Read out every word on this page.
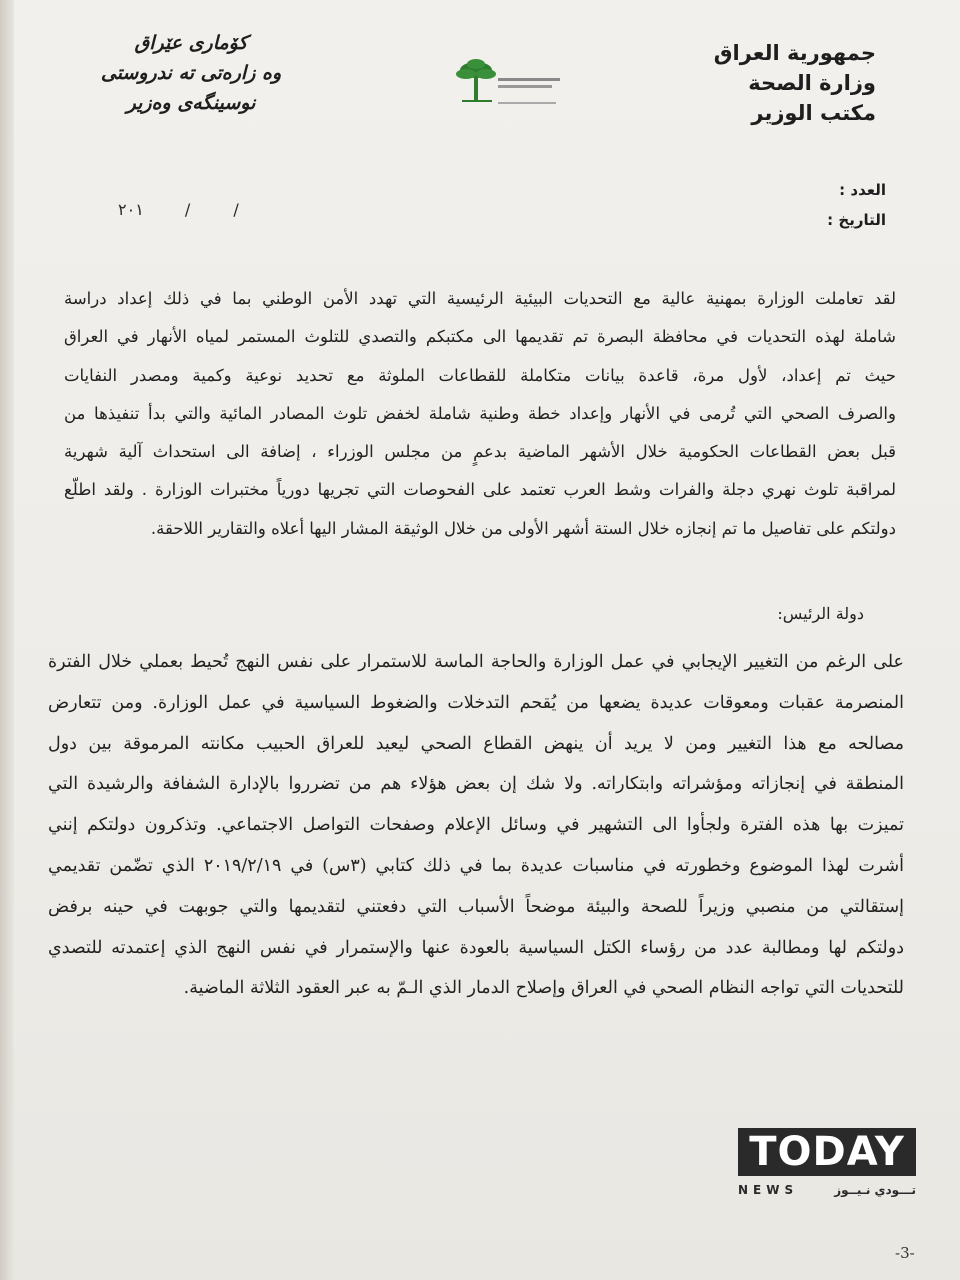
جمهورية العراق
وزارة الصحة
مكتب الوزير
كۆماری عێراق
وه زارەتی تە ندروستی
نوسینگەی وەزیر
العدد :
التاريخ :
٢٠١	/	/

لقد تعاملت الوزارة بمهنية عالية مع التحديات البيئية الرئيسية التي تهدد الأمن الوطني بما في ذلك إعداد دراسة

شاملة لهذه التحديات في محافظة البصرة تم تقديمها الى مكتبكم والتصدي للتلوث المستمر لمياه الأنهار في العراق

حيث تم إعداد، لأول مرة، قاعدة بيانات متكاملة للقطاعات الملوثة مع تحديد نوعية وكمية ومصدر النفايات

والصرف الصحي التي تُرمى في الأنهار وإعداد خطة وطنية شاملة لخفض تلوث المصادر المائية والتي بدأ تنفيذها من

قبل بعض القطاعات الحكومية خلال الأشهر الماضية بدعمٍ من مجلس الوزراء ، إضافة الى استحداث آلية شهرية

لمراقبة تلوث نهري دجلة والفرات وشط العرب تعتمد على الفحوصات التي تجريها دورياً مختبرات الوزارة . ولقد اطلّع

دولتكم على تفاصيل ما تم إنجازه خلال الستة أشهر الأولى من خلال الوثيقة المشار اليها أعلاه والتقارير اللاحقة.

دولة الرئيس:

على الرغم من التغيير الإيجابي في عمل الوزارة والحاجة الماسة للاستمرار على نفس النهج تُحيط بعملي خلال الفترة

المنصرمة عقبات ومعوقات عديدة يضعها من يُقحم التدخلات والضغوط السياسية في عمل الوزارة. ومن تتعارض

مصالحه مع هذا التغيير ومن لا يريد أن ينهض القطاع الصحي ليعيد للعراق الحبيب مكانته المرموقة بين دول

المنطقة في إنجازاته ومؤشراته وابتكاراته. ولا شك إن بعض هؤلاء هم من تضرروا بالإدارة الشفافة والرشيدة التي

تميزت بها هذه الفترة ولجأوا الى التشهير في وسائل الإعلام وصفحات التواصل الاجتماعي. وتذكرون دولتكم إنني

أشرت لهذا الموضوع وخطورته في مناسبات عديدة بما في ذلك كتابي (٣س) في ٢٠١٩/٢/١٩ الذي تضّمن تقديمي

إستقالتي من منصبي وزيراً للصحة والبيئة موضحاً الأسباب التي دفعتني لتقديمها والتي جوبهت في حينه برفض

دولتكم لها ومطالبة عدد من رؤساء الكتل السياسية بالعودة عنها والإستمرار في نفس النهج الذي إعتمدته للتصدي

للتحديات التي تواجه النظام الصحي في العراق وإصلاح الدمار الذي الـمّ به عبر العقود الثلاثة الماضية.

TODAY
NEWS	تـــودي نـيــوز
-3-
